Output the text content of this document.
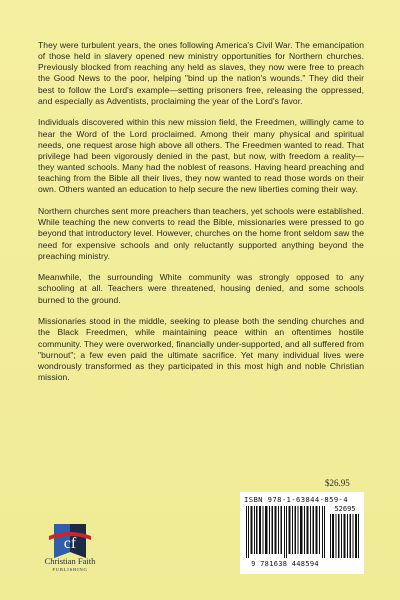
They were turbulent years, the ones following America's Civil War. The emancipation of those held in slavery opened new ministry opportunities for Northern churches. Previously blocked from reaching any held as slaves, they now were free to preach the Good News to the poor, helping "bind up the nation's wounds." They did their best to follow the Lord's example—setting prisoners free, releasing the oppressed, and especially as Adventists, proclaiming the year of the Lord's favor.

Individuals discovered within this new mission field, the Freedmen, willingly came to hear the Word of the Lord proclaimed. Among their many physical and spiritual needs, one request arose high above all others. The Freedmen wanted to read. That privilege had been vigorously denied in the past, but now, with freedom a reality—they wanted schools. Many had the noblest of reasons. Having heard preaching and teaching from the Bible all their lives, they now wanted to read those words on their own. Others wanted an education to help secure the new liberties coming their way.

Northern churches sent more preachers than teachers, yet schools were established. While teaching the new converts to read the Bible, missionaries were pressed to go beyond that introductory level. However, churches on the home front seldom saw the need for expensive schools and only reluctantly supported anything beyond the preaching ministry.

Meanwhile, the surrounding White community was strongly opposed to any schooling at all. Teachers were threatened, housing denied, and some schools burned to the ground.

Missionaries stood in the middle, seeking to please both the sending churches and the Black Freedmen, while maintaining peace within an oftentimes hostile community. They were overworked, financially under-supported, and all suffered from "burnout"; a few even paid the ultimate sacrifice. Yet many individual lives were wondrously transformed as they participated in this most high and noble Christian mission.

$26.95
ISBN 978-1-63844-859-4
52695
9 781638 448594
cf
Christian Faith
PUBLISHING
